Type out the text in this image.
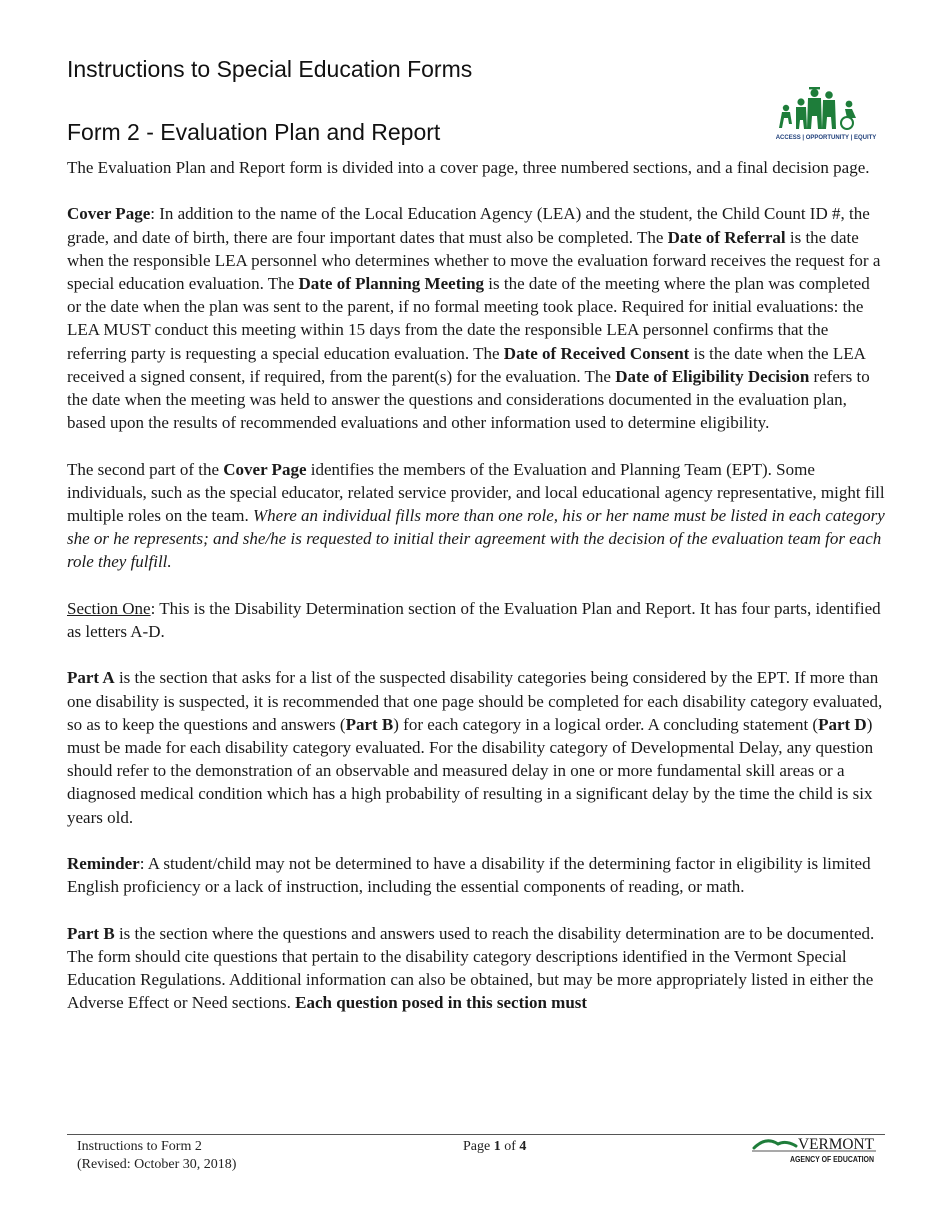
Instructions to Special Education Forms
Form 2 - Evaluation Plan and Report	ACCESS | OPPORTUNITY | EQUITY

The Evaluation Plan and Report form is divided into a cover page, three numbered sections, and a final decision page.

Cover Page: In addition to the name of the Local Education Agency (LEA) and the student, the Child Count ID #, the grade, and date of birth, there are four important dates that must also be completed. The Date of Referral is the date when the responsible LEA personnel who determines whether to move the evaluation forward receives the request for a special education evaluation. The Date of Planning Meeting is the date of the meeting where the plan was completed or the date when the plan was sent to the parent, if no formal meeting took place. Required for initial evaluations: the LEA MUST conduct this meeting within 15 days from the date the responsible LEA personnel confirms that the referring party is requesting a special education evaluation. The Date of Received Consent is the date when the LEA received a signed consent, if required, from the parent(s) for the evaluation. The Date of Eligibility Decision refers to the date when the meeting was held to answer the questions and considerations documented in the evaluation plan, based upon the results of recommended evaluations and other information used to determine eligibility.

The second part of the Cover Page identifies the members of the Evaluation and Planning Team (EPT). Some individuals, such as the special educator, related service provider, and local educational agency representative, might fill multiple roles on the team. Where an individual fills more than one role, his or her name must be listed in each category she or he represents; and she/he is requested to initial their agreement with the decision of the evaluation team for each role they fulfill.

Section One: This is the Disability Determination section of the Evaluation Plan and Report. It has four parts, identified as letters A-D.

Part A is the section that asks for a list of the suspected disability categories being considered by the EPT. If more than one disability is suspected, it is recommended that one page should be completed for each disability category evaluated, so as to keep the questions and answers (Part B) for each category in a logical order. A concluding statement (Part D) must be made for each disability category evaluated. For the disability category of Developmental Delay, any question should refer to the demonstration of an observable and measured delay in one or more fundamental skill areas or a diagnosed medical condition which has a high probability of resulting in a significant delay by the time the child is six years old.

Reminder: A student/child may not be determined to have a disability if the determining factor in eligibility is limited English proficiency or a lack of instruction, including the essential components of reading, or math.

Part B is the section where the questions and answers used to reach the disability determination are to be documented. The form should cite questions that pertain to the disability category descriptions identified in the Vermont Special Education Regulations. Additional information can also be obtained, but may be more appropriately listed in either the Adverse Effect or Need sections. Each question posed in this section must

Instructions to Form 2
(Revised: October 30, 2018)
Page 1 of 4	VERMONT
AGENCY OF EDUCATION
